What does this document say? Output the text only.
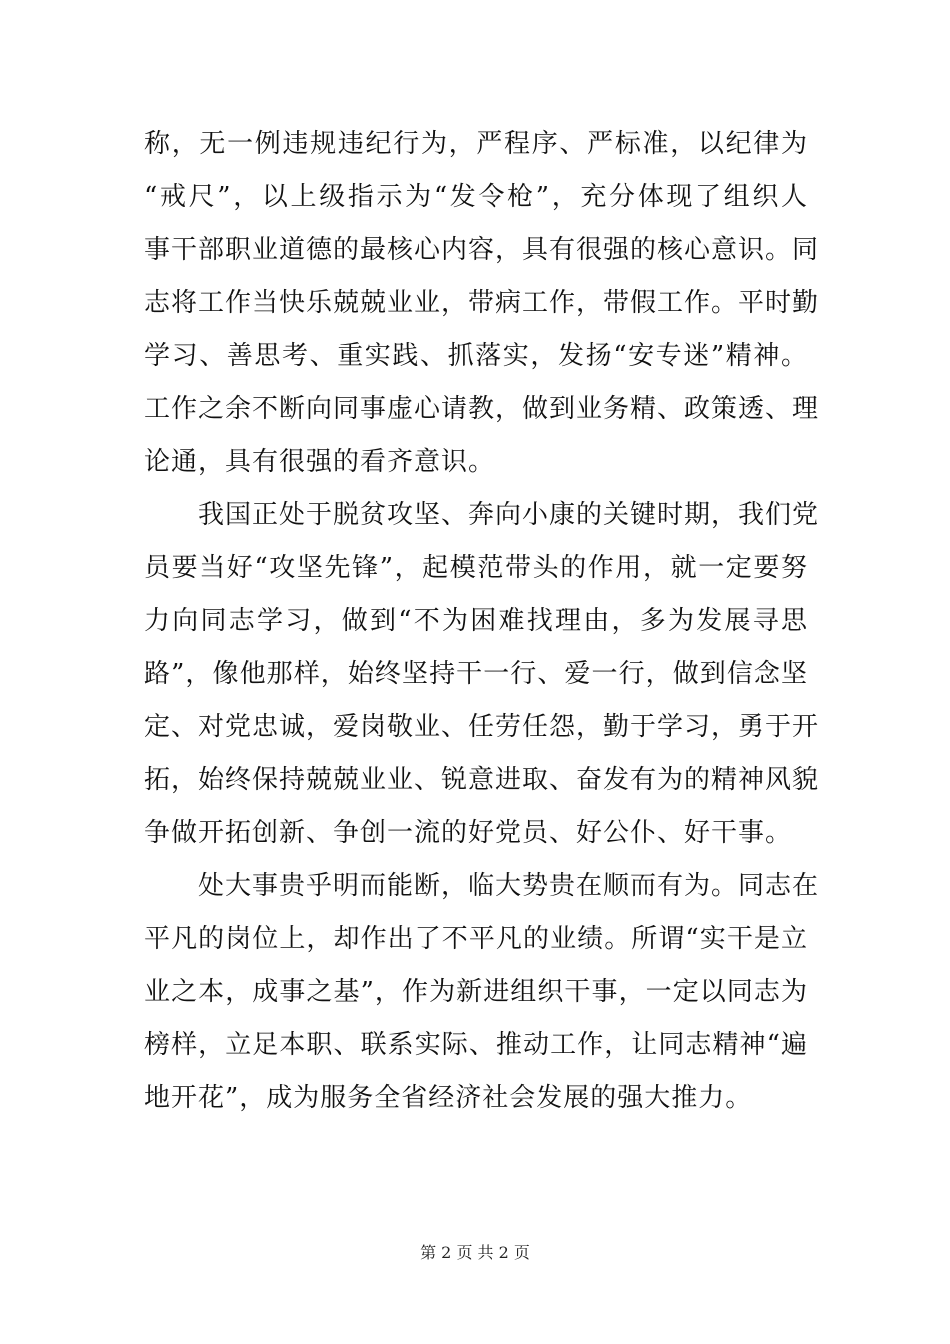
称，无一例违规违纪行为，严程序、严标准，以纪律为
“戒尺”，以上级指示为“发令枪”，充分体现了组织人
事干部职业道德的最核心内容，具有很强的核心意识。同
志将工作当快乐兢兢业业，带病工作，带假工作。平时勤
学习、善思考、重实践、抓落实，发扬“安专迷”精神。
工作之余不断向同事虚心请教，做到业务精、政策透、理
论通，具有很强的看齐意识。
　　我国正处于脱贫攻坚、奔向小康的关键时期，我们党
员要当好“攻坚先锋”，起模范带头的作用，就一定要努
力向同志学习，做到“不为困难找理由，多为发展寻思
路”，像他那样，始终坚持干一行、爱一行，做到信念坚
定、对党忠诚，爱岗敬业、任劳任怨，勤于学习，勇于开
拓，始终保持兢兢业业、锐意进取、奋发有为的精神风貌
争做开拓创新、争创一流的好党员、好公仆、好干事。
　　处大事贵乎明而能断，临大势贵在顺而有为。同志在
平凡的岗位上，却作出了不平凡的业绩。所谓“实干是立
业之本，成事之基”，作为新进组织干事，一定以同志为
榜样，立足本职、联系实际、推动工作，让同志精神“遍
地开花”，成为服务全省经济社会发展的强大推力。
第 2 页 共 2 页
